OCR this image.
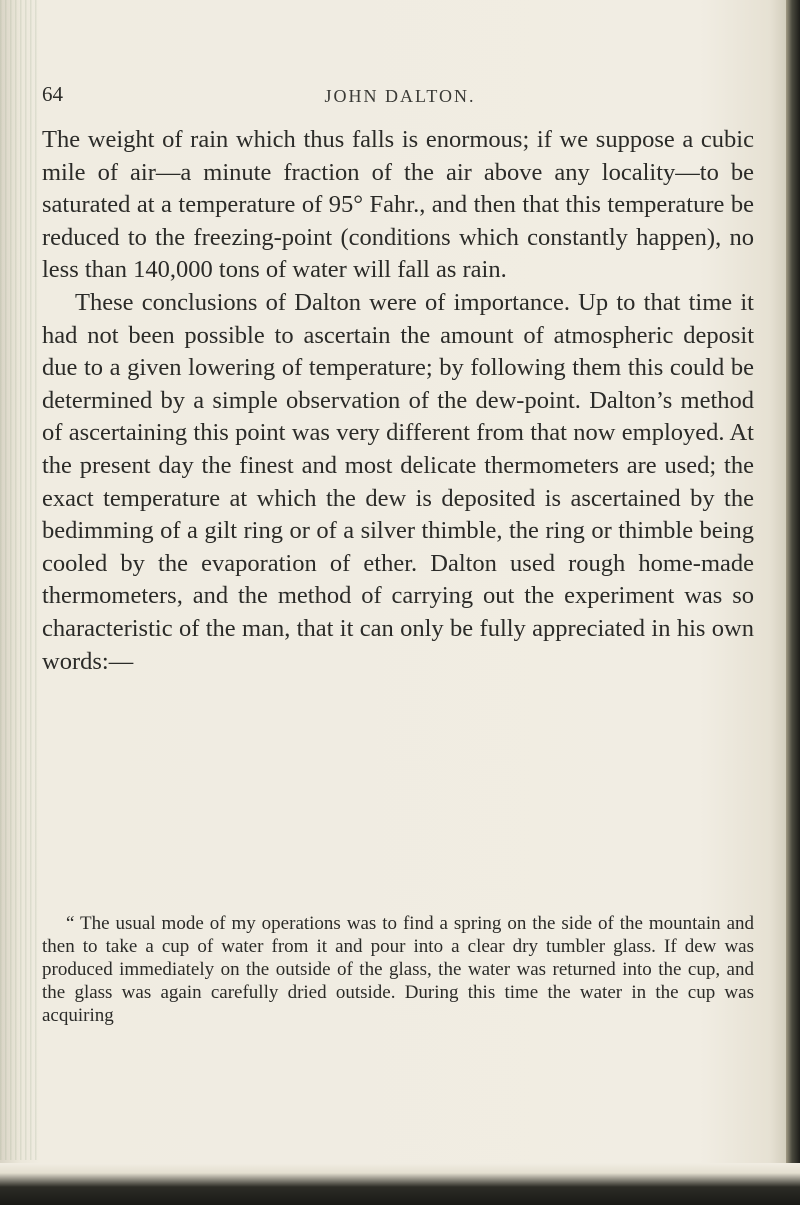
64	JOHN DALTON.

The weight of rain which thus falls is enormous; if we suppose a cubic mile of air—a minute fraction of the air above any locality—to be saturated at a temperature of 95° Fahr., and then that this temperature be reduced to the freezing-point (conditions which constantly happen), no less than 140,000 tons of water will fall as rain.

These conclusions of Dalton were of importance. Up to that time it had not been possible to ascertain the amount of atmospheric deposit due to a given lowering of temperature; by following them this could be determined by a simple observation of the dew-point. Dalton’s method of ascertaining this point was very different from that now employed. At the present day the finest and most delicate thermometers are used; the exact temperature at which the dew is deposited is ascertained by the bedimming of a gilt ring or of a silver thimble, the ring or thimble being cooled by the evaporation of ether. Dalton used rough home-made thermometers, and the method of carrying out the experiment was so characteristic of the man, that it can only be fully appreciated in his own words:—

“ The usual mode of my operations was to find a spring on the side of the mountain and then to take a cup of water from it and pour into a clear dry tumbler glass. If dew was produced immediately on the outside of the glass, the water was returned into the cup, and the glass was again carefully dried outside. During this time the water in the cup was acquiring
